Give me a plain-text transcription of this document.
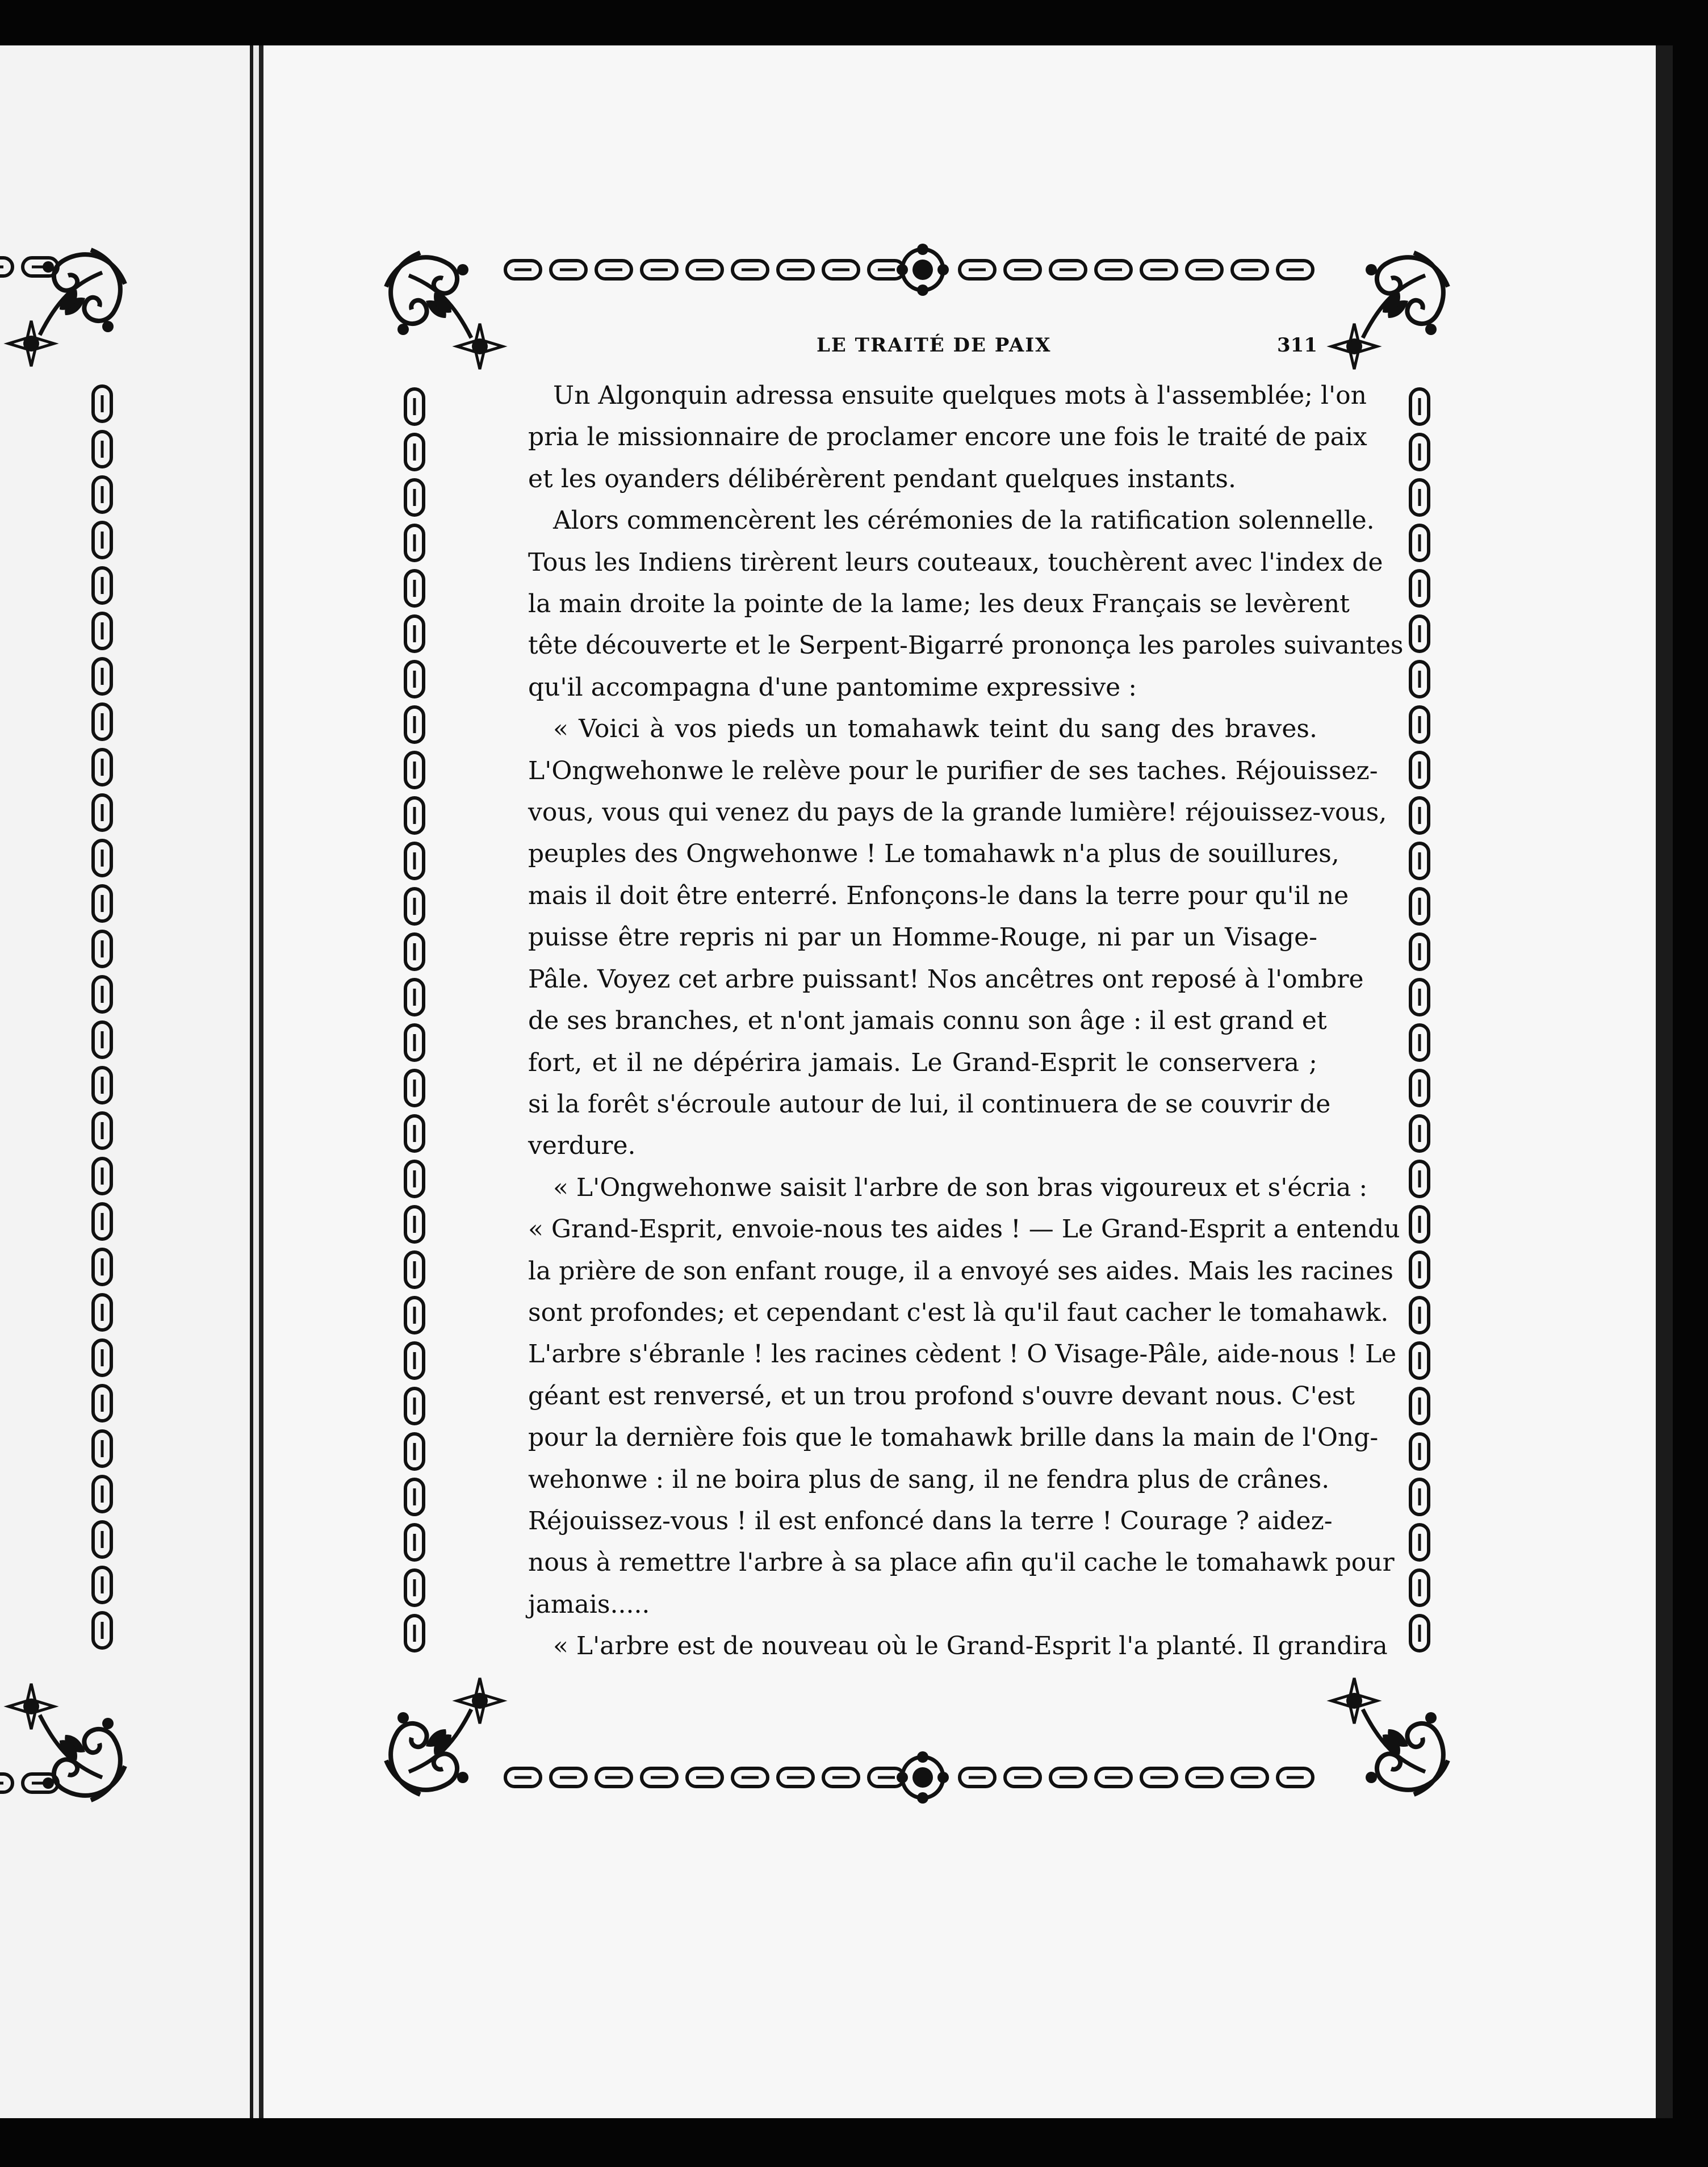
LE TRAITÉ DE PAIX	311

Un Algonquin adressa ensuite quelques mots à l'assemblée; l'on
pria le missionnaire de proclamer encore une fois le traité de paix
et les oyanders délibérèrent pendant quelques instants.

Alors commencèrent les cérémonies de la ratification solennelle.
Tous les Indiens tirèrent leurs couteaux, touchèrent avec l'index de
la main droite la pointe de la lame; les deux Français se levèrent
tête découverte et le Serpent-Bigarré prononça les paroles suivantes
qu'il accompagna d'une pantomime expressive :

« Voici à vos pieds un tomahawk teint du sang des braves.
L'Ongwehonwe le relève pour le purifier de ses taches. Réjouissez-
vous, vous qui venez du pays de la grande lumière! réjouissez-vous,
peuples des Ongwehonwe ! Le tomahawk n'a plus de souillures,
mais il doit être enterré. Enfonçons-le dans la terre pour qu'il ne
puisse être repris ni par un Homme-Rouge, ni par un Visage-
Pâle. Voyez cet arbre puissant! Nos ancêtres ont reposé à l'ombre
de ses branches, et n'ont jamais connu son âge : il est grand et
fort, et il ne dépérira jamais. Le Grand-Esprit le conservera ;
si la forêt s'écroule autour de lui, il continuera de se couvrir de
verdure.

« L'Ongwehonwe saisit l'arbre de son bras vigoureux et s'écria :
« Grand-Esprit, envoie-nous tes aides ! — Le Grand-Esprit a entendu
la prière de son enfant rouge, il a envoyé ses aides. Mais les racines
sont profondes; et cependant c'est là qu'il faut cacher le tomahawk.
L'arbre s'ébranle ! les racines cèdent ! O Visage-Pâle, aide-nous ! Le
géant est renversé, et un trou profond s'ouvre devant nous. C'est
pour la dernière fois que le tomahawk brille dans la main de l'Ong-
wehonwe : il ne boira plus de sang, il ne fendra plus de crânes.
Réjouissez-vous ! il est enfoncé dans la terre ! Courage ? aidez-
nous à remettre l'arbre à sa place afin qu'il cache le tomahawk pour
jamais.....

« L'arbre est de nouveau où le Grand-Esprit l'a planté. Il grandira
